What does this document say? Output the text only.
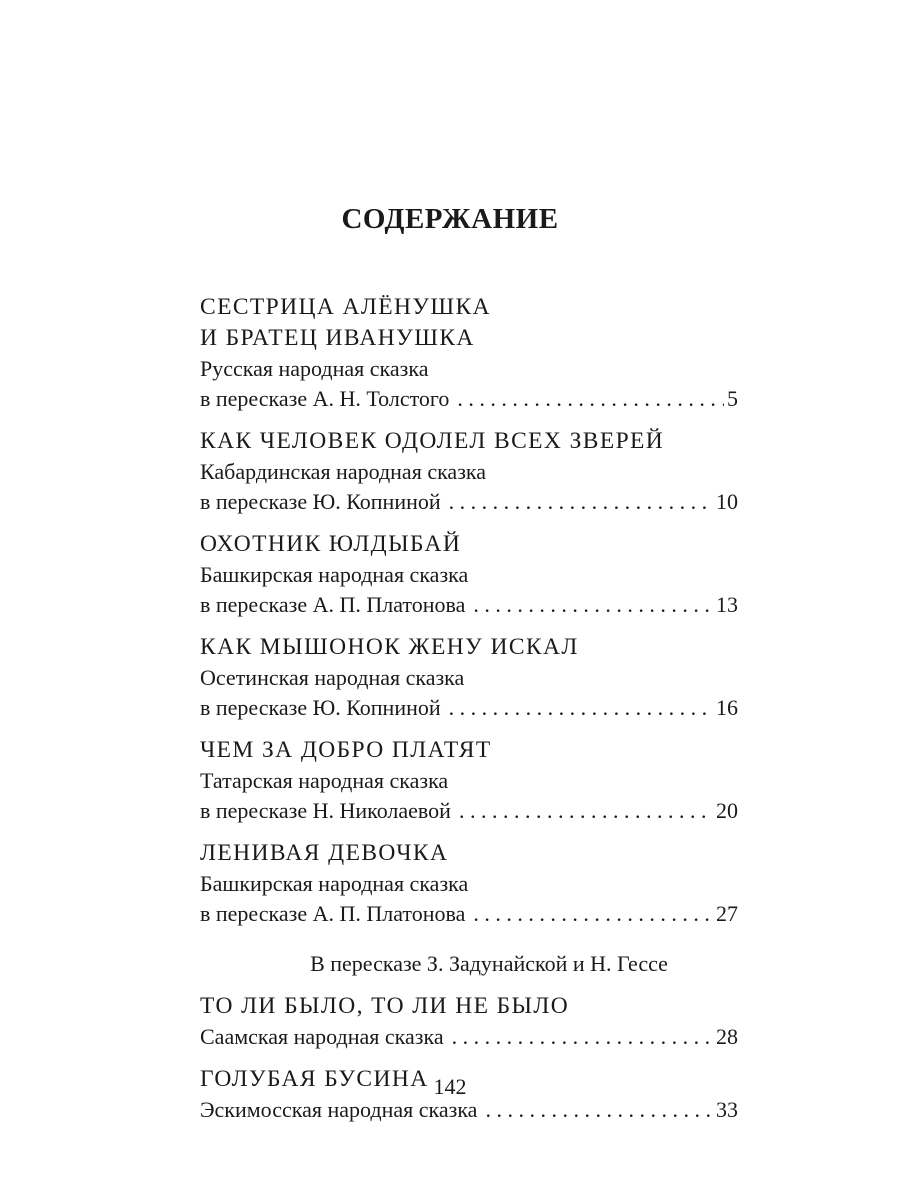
СОДЕРЖАНИЕ
СЕСТРИЦА АЛЁНУШКА
И БРАТЕЦ ИВАНУШКА
Русская народная сказка
в пересказе А. Н. Толстого . . .	5
КАК ЧЕЛОВЕК ОДОЛЕЛ ВСЕХ ЗВЕРЕЙ
Кабардинская народная сказка
в пересказе Ю. Копниной . . .	10
ОХОТНИК ЮЛДЫБАЙ
Башкирская народная сказка
в пересказе А. П. Платонова . . .	13
КАК МЫШОНОК ЖЕНУ ИСКАЛ
Осетинская народная сказка
в пересказе Ю. Копниной . . .	16
ЧЕМ ЗА ДОБРО ПЛАТЯТ
Татарская народная сказка
в пересказе Н. Николаевой . . .	20
ЛЕНИВАЯ ДЕВОЧКА
Башкирская народная сказка
в пересказе А. П. Платонова . . .	27
В пересказе З. Задунайской и Н. Гессе
ТО ЛИ БЫЛО, ТО ЛИ НЕ БЫЛО
Саамская народная сказка . . .	28
ГОЛУБАЯ БУСИНА
Эскимосская народная сказка . . .	33
142
